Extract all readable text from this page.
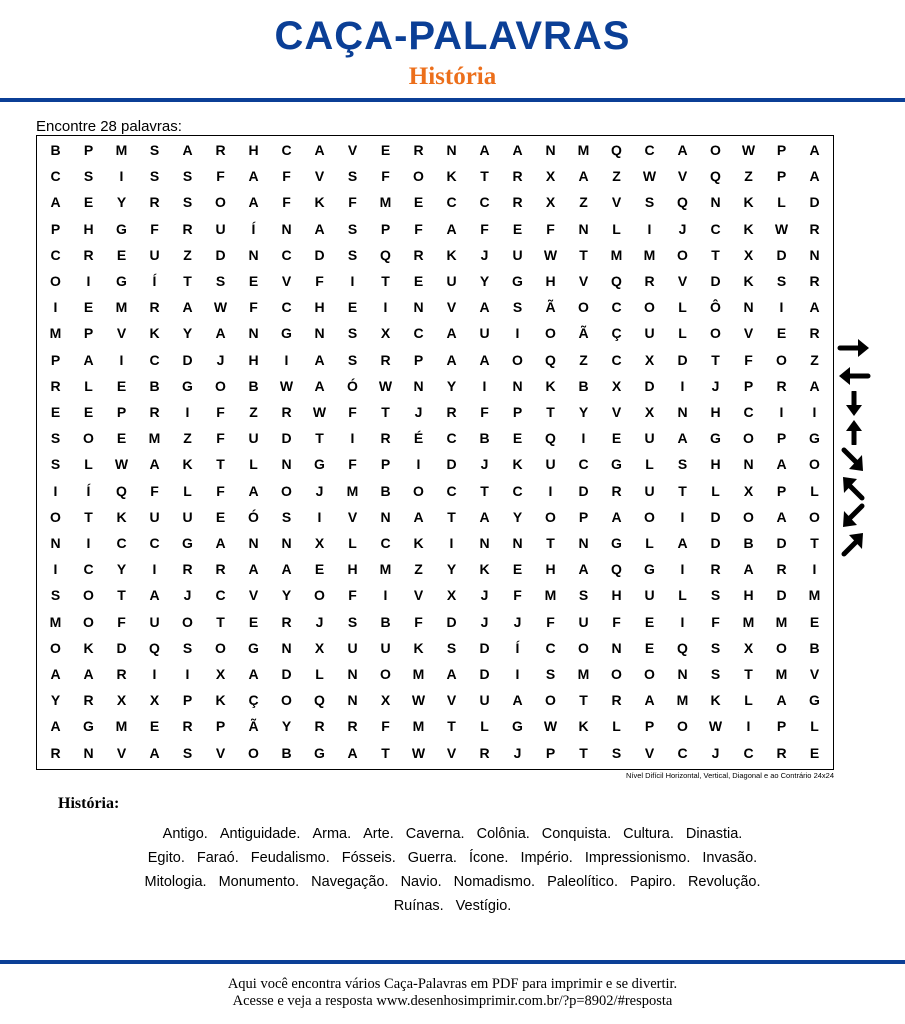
CAÇA-PALAVRAS
História
Encontre 28 palavras:
B	P	M	S	A	R	H	C	A	V	E	R	N	A	A	N	M	Q	C	A	O	W	P	A
C	S	I	S	S	F	A	F	V	S	F	O	K	T	R	X	A	Z	W	V	Q	Z	P	A
A	E	Y	R	S	O	A	F	K	F	M	E	C	C	R	X	Z	V	S	Q	N	K	L	D
P	H	G	F	R	U	Í	N	A	S	P	F	A	F	E	F	N	L	I	J	C	K	W	R
C	R	E	U	Z	D	N	C	D	S	Q	R	K	J	U	W	T	M	M	O	T	X	D	N
O	I	G	Í	T	S	E	V	F	I	T	E	U	Y	G	H	V	Q	R	V	D	K	S	R
I	E	M	R	A	W	F	C	H	E	I	N	V	A	S	Ã	O	C	O	L	Ô	N	I	A
M	P	V	K	Y	A	N	G	N	S	X	C	A	U	I	O	Ã	Ç	U	L	O	V	E	R
P	A	I	C	D	J	H	I	A	S	R	P	A	A	O	Q	Z	C	X	D	T	F	O	Z
R	L	E	B	G	O	B	W	A	Ó	W	N	Y	I	N	K	B	X	D	I	J	P	R	A
E	E	P	R	I	F	Z	R	W	F	T	J	R	F	P	T	Y	V	X	N	H	C	I	I
S	O	E	M	Z	F	U	D	T	I	R	É	C	B	E	Q	I	E	U	A	G	O	P	G
S	L	W	A	K	T	L	N	G	F	P	I	D	J	K	U	C	G	L	S	H	N	A	O
I	Í	Q	F	L	F	A	O	J	M	B	O	C	T	C	I	D	R	U	T	L	X	P	L
O	T	K	U	U	E	Ó	S	I	V	N	A	T	A	Y	O	P	A	O	I	D	O	A	O
N	I	C	C	G	A	N	N	X	L	C	K	I	N	N	T	N	G	L	A	D	B	D	T
I	C	Y	I	R	R	A	A	E	H	M	Z	Y	K	E	H	A	Q	G	I	R	A	R	I
S	O	T	A	J	C	V	Y	O	F	I	V	X	J	F	M	S	H	U	L	S	H	D	M
M	O	F	U	O	T	E	R	J	S	B	F	D	J	J	F	U	F	E	I	F	M	M	E
O	K	D	Q	S	O	G	N	X	U	U	K	S	D	Í	C	O	N	E	Q	S	X	O	B
A	A	R	I	I	X	A	D	L	N	O	M	A	D	I	S	M	O	O	N	S	T	M	V
Y	R	X	X	P	K	Ç	O	Q	N	X	W	V	U	A	O	T	R	A	M	K	L	A	G
A	G	M	E	R	P	Ã	Y	R	R	F	M	T	L	G	W	K	L	P	O	W	I	P	L
R	N	V	A	S	V	O	B	G	A	T	W	V	R	J	P	T	S	V	C	J	C	R	E
Nível Difícil Horizontal, Vertical, Diagonal e ao Contrário 24x24
História:
Antigo. Antiguidade. Arma. Arte. Caverna. Colônia. Conquista. Cultura. Dinastia.
Egito. Faraó. Feudalismo. Fósseis. Guerra. Ícone. Império. Impressionismo. Invasão.
Mitologia. Monumento. Navegação. Navio. Nomadismo. Paleolítico. Papiro. Revolução.
Ruínas. Vestígio.
Aqui você encontra vários Caça-Palavras em PDF para imprimir e se divertir.
Acesse e veja a resposta www.desenhosimprimir.com.br/?p=8902/#resposta
